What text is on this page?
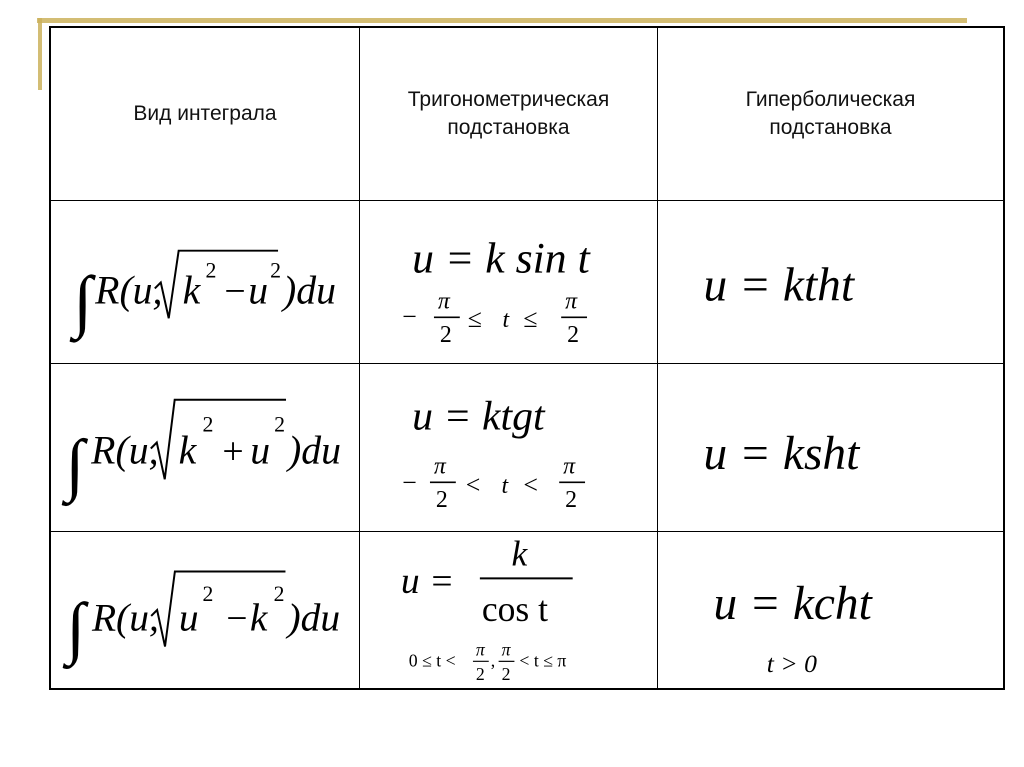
Вид интеграла
Тригонометрическая
подстановка
Гиперболическая
подстановка
∫ R(u, k 2 − u 2 )du
u = k sin t
−
π
2
≤ t ≤
π
2
u = ktht
∫ R(u, k
2
+ u
2
)du
u = ktgt
−
π
2
< t <
π
2
u = ksht
∫ R(u, u
2
− k
2
)du
u =
k
cos t
0 ≤ t <
π
2
,
π
2
< t ≤ π
u = kcht
t > 0
